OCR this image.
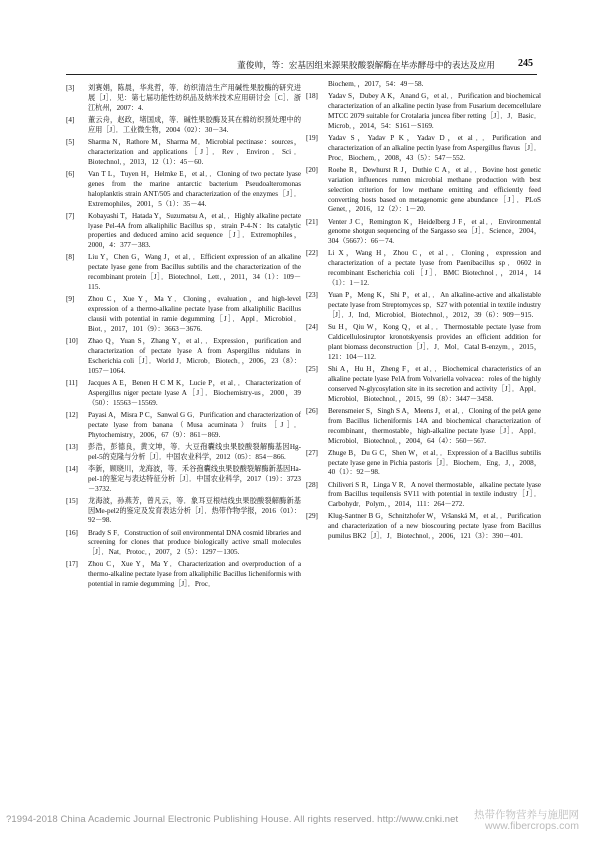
董俊帅，等：宏基因组来源果胶酸裂解酶在毕赤酵母中的表达及应用 245
[3] 刘赛娟，陈晨，华兆哲，等．纺织清洁生产用碱性果胶酶的研究进展［J］．见：第七届功能性纺织品及纳米技术应用研讨会［C］．浙江杭州，2007：4.
[4] 董云舟，赵政，堵国成，等．碱性果胶酶及其在棉纺织预处理中的应用［J］．工业微生物，2004（02）：30－34.
[5] Sharma N，Rathore M，Sharma M．Microbial pectinase：sources，characterization and applications［J］．Rev．Environ．Sci．Biotechnol．，2013，12（1）：45－60.
[6] Van T L，Tuyen H，Helmke E，et al．．Cloning of two pectate lyase genes from the marine antarctic bacterium Pseudoalteromonas haloplanktis strain ANT/505 and characterization of the enzymes［J］．Extremophiles，2001，5（1）：35－44.
[7] Kobayashi T，Hatada Y，Suzumatsu A，et al．．Highly alkaline pectate lyase Pel-4A from alkaliphilic Bacillus sp．strain P-4-N：Its catalytic properties and deduced amino acid sequence［J］．Extremophiles，2000，4：377－383.
[8] Liu Y，Chen G，Wang J，et al．．Efficient expression of an alkaline pectate lyase gene from Bacillus subtilis and the characterization of the recombinant protein［J］．Biotechnol．Lett．，2011，34（1）：109－115.
[9] Zhou C，Xue Y，Ma Y．Cloning，evaluation，and high-level expression of a thermo-alkaline pectate lyase from alkaliphilic Bacillus clausii with potential in ramie degumming［J］．Appl．Microbiol．Biot．，2017，101（9）：3663－3676.
[10] Zhao Q，Yuan S，Zhang Y，et al．．Expression，purification and characterization of pectate lyase A from Aspergillus nidulans in Escherichia coli［J］．World J．Microb．Biotech．，2006，23（8）：1057－1064.
[11] Jacques A E，Benen H C M K，Lucie P，et al．．Characterization of Aspergillus niger pectate lyase A［J］．Biochemistry-us，2000，39（50）：15563－15569.
[12] Payasi A，Misra P C，Sanwal G G．Purification and characterization of pectate lyase from banana（Musa acuminata）fruits［J］．Phytochemistry，2006，67（9）：861－869.
[13] 彭浩，彭德良，黄文坤，等．大豆孢囊线虫果胶酸裂解酶基因Hg-pel-5的克隆与分析［J］．中国农业科学，2012（05）：854－866.
[14] 李新，顾晓川，龙海波，等．禾谷孢囊线虫果胶酸裂解酶新基因Ha-pel-1的鉴定与表达特征分析［J］．中国农业科学，2017（19）：3723－3732.
[15] 龙海波，孙燕芳，曾凡云，等．象耳豆根结线虫果胶酸裂解酶新基因Me-pel2的鉴定及发育表达分析［J］．热带作物学报，2016（01）：92－98.
[16] Brady S F．Construction of soil environmental DNA cosmid libraries and screening for clones that produce biologically active small molecules［J］．Nat．Protoc．，2007，2（5）：1297－1305.
[17] Zhou C，Xue Y，Ma Y．Characterization and overproduction of a thermo-alkaline pectate lyase from alkaliphilic Bacillus licheniformis with potential in ramie degumming［J］．Proc．
Biochem．，2017，54：49－58.
[18] Yadav S，Dubey A K，Anand G，et al．．Purification and biochemical characterization of an alkaline pectin lyase from Fusarium decemcellulare MTCC 2079 suitable for Crotalaria juncea fiber retting［J］．J．Basic．Microb．，2014，54：S161－S169.
[19] Yadav S，Yadav P K，Yadav D，et al．．Purification and characterization of an alkaline pectin lyase from Aspergillus flavus［J］．Proc．Biochem．，2008，43（5）：547－552.
[20] Roehe R，Dewhurst R J，Duthie C A，et al．．Bovine host genetic variation influences rumen microbial methane production with best selection criterion for low methane emitting and efficiently feed converting hosts based on metagenomic gene abundance［J］．PLoS Genet．，2016，12（2）：1－20.
[21] Venter J C，Remington K，Heidelberg J F，et al．．Environmental genome shotgun sequencing of the Sargasso sea［J］．Science，2004，304（5667）：66－74.
[22] Li X，Wang H，Zhou C，et al．．Cloning，expression and characterization of a pectate lyase from Paenibacillus sp．0602 in recombinant Escherichia coli［J］．BMC Biotechnol．，2014，14（1）：1－12.
[23] Yuan P，Meng K，Shi P，et al．．An alkaline-active and alkalistable pectate lyase from Streptomyces sp．S27 with potential in textile industry［J］．J．Ind．Microbiol．Biotechnol．，2012，39（6）：909－915.
[24] Su H，Qiu W，Kong Q，et al．．Thermostable pectate lyase from Caldicellulosiruptor kronotskyensis provides an efficient addition for plant biomass deconstruction［J］．J．Mol．Catal B-enzym．，2015，121：104－112.
[25] Shi A，Hu H，Zheng F，et al．．Biochemical characteristics of an alkaline pectate lyase PelA from Volvariella volvacea：roles of the highly conserved N-glycosylation site in its secretion and activity［J］．Appl．Microbiol．Biotechnol．，2015，99（8）：3447－3458.
[26] Berensmeier S，Singh S A，Meens J，et al．．Cloning of the pelA gene from Bacillus licheniformis 14A and biochemical characterization of recombinant，thermostable，high-alkaline pectate lyase［J］．Appl．Microbiol．Biotechnol．，2004，64（4）：560－567.
[27] Zhuge B，Du G C，Shen W，et al．．Expression of a Bacillus subtilis pectate lyase gene in Pichia pastoris［J］．Biochem．Eng．J．，2008，40（1）：92－98.
[28] Chiliveri S R，Linga V R．A novel thermostable，alkaline pectate lyase from Bacillus tequilensis SV11 with potential in textile industry［J］．Carbohydr．Polym．，2014，111：264－272.
[29] Klug-Santner B G，Schnitzhofer W，Vršanská M，et al．．Purification and characterization of a new bioscouring pectate lyase from Bacillus pumilus BK2［J］．J．Biotechnol．，2006，121（3）：390－401.
?1994-2018 China Academic Journal Electronic Publishing House. All rights reserved. http://www.cnki.net 热带作物营养与施肥网
www.fibercrops.com
